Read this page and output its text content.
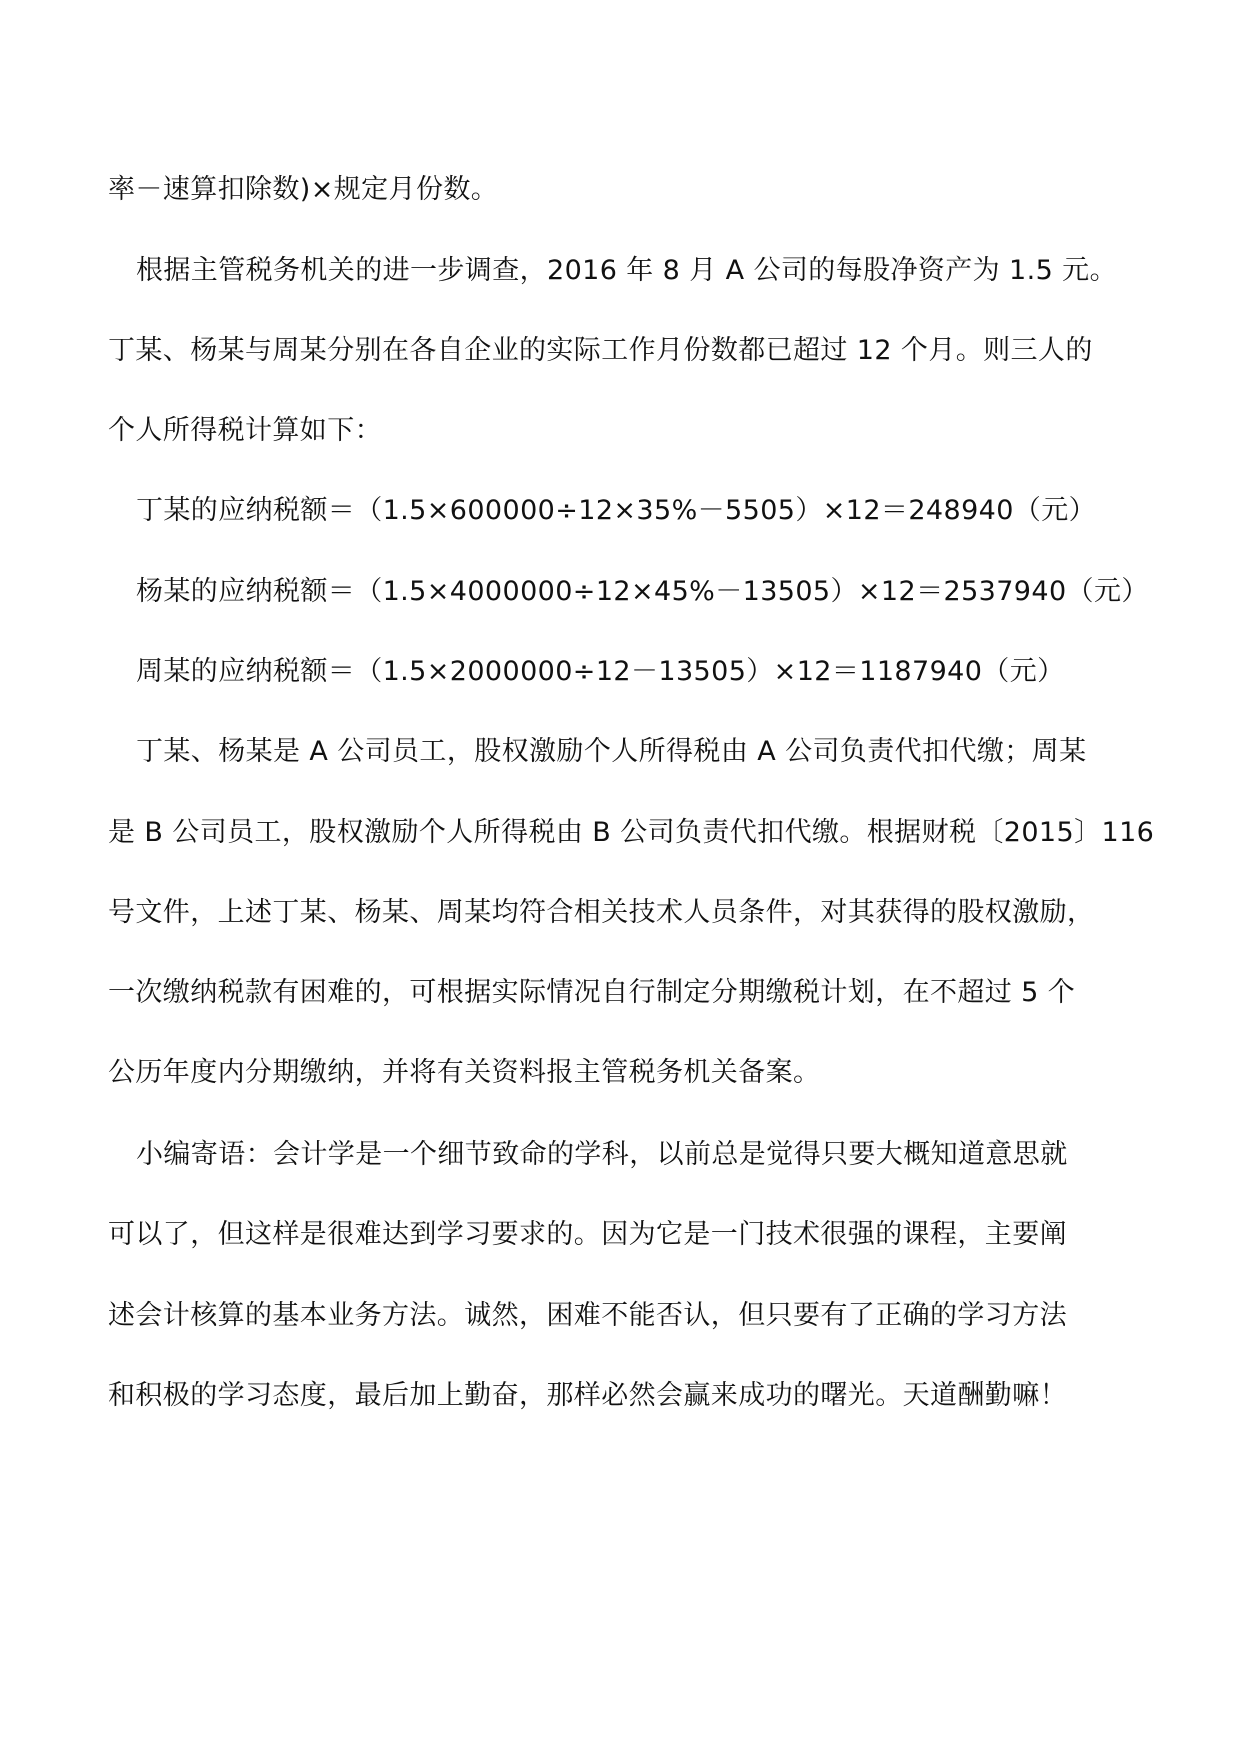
率－速算扣除数)×规定月份数。
根据主管税务机关的进一步调查，2016 年 8 月 A 公司的每股净资产为 1.5 元。
丁某、杨某与周某分别在各自企业的实际工作月份数都已超过 12 个月。则三人的
个人所得税计算如下：
丁某的应纳税额＝（1.5×600000÷12×35%－5505）×12＝248940（元）
杨某的应纳税额＝（1.5×4000000÷12×45%－13505）×12＝2537940（元）
周某的应纳税额＝（1.5×2000000÷12－13505）×12＝1187940（元）
丁某、杨某是 A 公司员工，股权激励个人所得税由 A 公司负责代扣代缴；周某
是 B 公司员工，股权激励个人所得税由 B 公司负责代扣代缴。根据财税〔2015〕116
号文件，上述丁某、杨某、周某均符合相关技术人员条件，对其获得的股权激励，
一次缴纳税款有困难的，可根据实际情况自行制定分期缴税计划，在不超过 5 个
公历年度内分期缴纳，并将有关资料报主管税务机关备案。
小编寄语：会计学是一个细节致命的学科，以前总是觉得只要大概知道意思就
可以了，但这样是很难达到学习要求的。因为它是一门技术很强的课程，主要阐
述会计核算的基本业务方法。诚然，困难不能否认，但只要有了正确的学习方法
和积极的学习态度，最后加上勤奋，那样必然会赢来成功的曙光。天道酬勤嘛！
